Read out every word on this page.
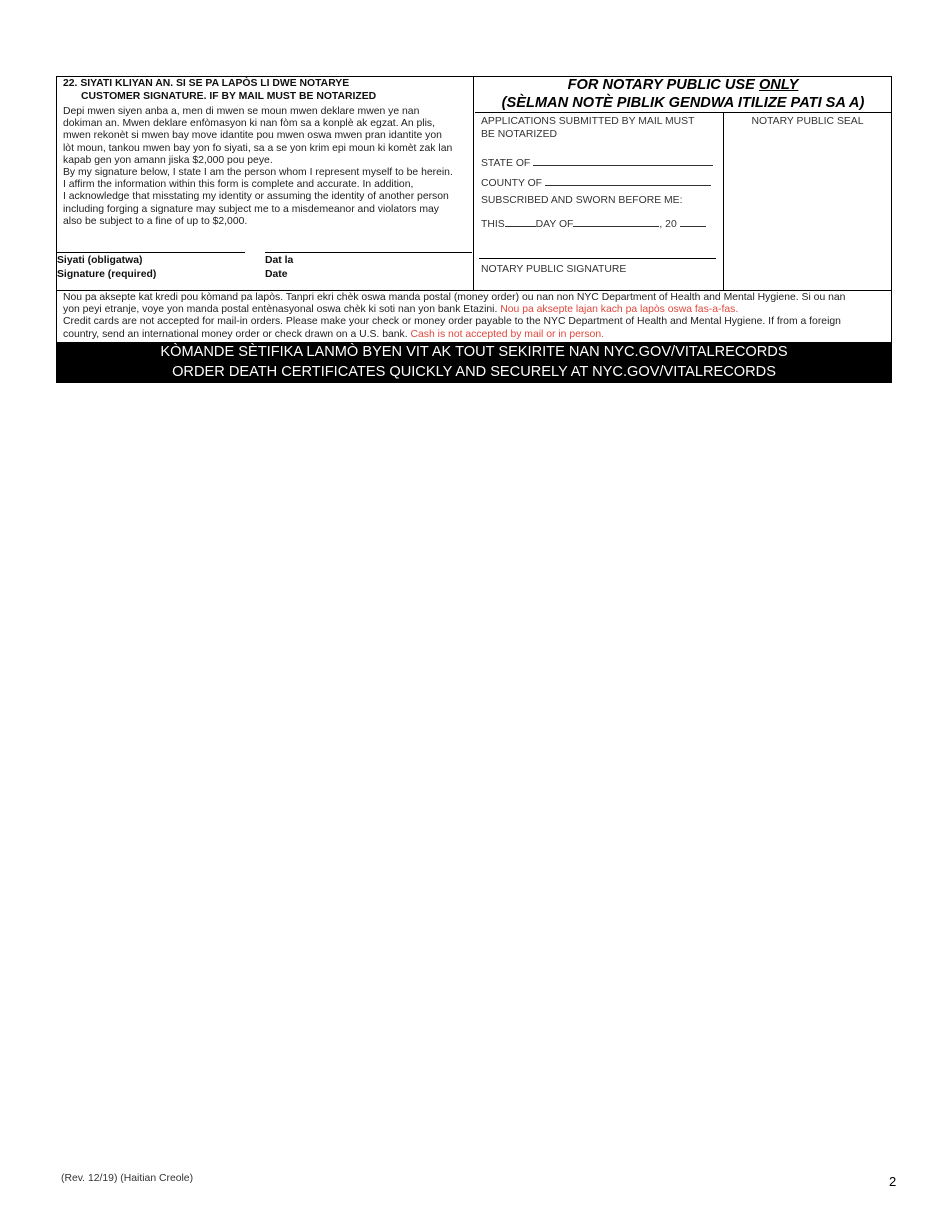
22. SIYATI KLIYAN AN. SI SE PA LAPÒS LI DWE NOTARYE
CUSTOMER SIGNATURE. IF BY MAIL MUST BE NOTARIZED
Depi mwen siyen anba a, men di mwen se moun mwen deklare mwen ye nan
dokiman an. Mwen deklare enfòmasyon ki nan fòm sa a konplè ak egzat. An plis,
mwen rekonèt si mwen bay move idantite pou mwen oswa mwen pran idantite yon
lòt moun, tankou mwen bay yon fo siyati, sa a se yon krim epi moun ki komèt zak lan
kapab gen yon amann jiska $2,000 pou peye.
By my signature below, I state I am the person whom I represent myself to be herein.
I affirm the information within this form is complete and accurate. In addition,
I acknowledge that misstating my identity or assuming the identity of another person
including forging a signature may subject me to a misdemeanor and violators may
also be subject to a fine of up to $2,000.
Siyati (obligatwa)
Signature (required)
Dat la
Date
FOR NOTARY PUBLIC USE ONLY
(SÈLMAN NOTÈ PIBLIK GENDWA ITILIZE PATI SA A)
APPLICATIONS SUBMITTED BY MAIL MUST
BE NOTARIZED
STATE OF
COUNTY OF
SUBSCRIBED AND SWORN BEFORE ME:
THIS	DAY OF	, 20
NOTARY PUBLIC SIGNATURE
NOTARY PUBLIC SEAL
Nou pa aksepte kat kredi pou kòmand pa lapòs. Tanpri ekri chèk oswa manda postal (money order) ou nan non NYC Department of Health and Mental Hygiene. Si ou nan
yon peyi etranje, voye yon manda postal entènasyonal oswa chèk ki soti nan yon bank Etazini. Nou pa aksepte lajan kach pa lapòs oswa fas-a-fas.
Credit cards are not accepted for mail-in orders. Please make your check or money order payable to the NYC Department of Health and Mental Hygiene. If from a foreign
country, send an international money order or check drawn on a U.S. bank. Cash is not accepted by mail or in person.
KÒMANDE SÈTIFIKA LANMÒ BYEN VIT AK TOUT SEKIRITE NAN NYC.GOV/VITALRECORDS
ORDER DEATH CERTIFICATES QUICKLY AND SECURELY AT NYC.GOV/VITALRECORDS
(Rev. 12/19) (Haitian Creole)	2
